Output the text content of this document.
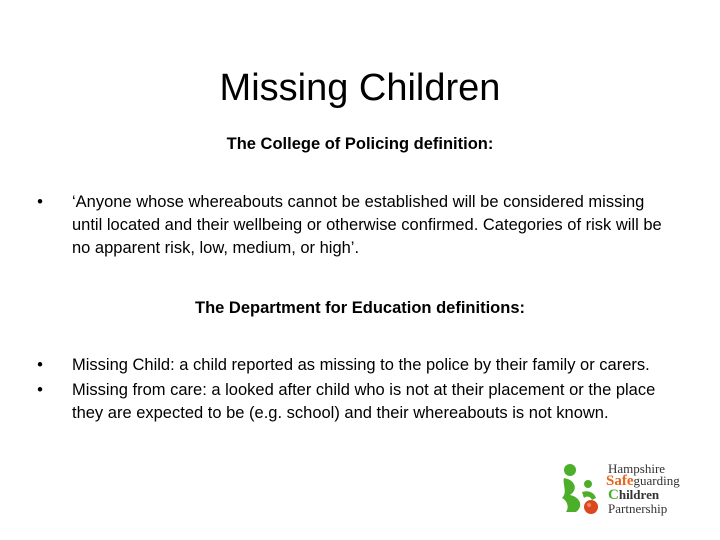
Missing Children
The College of Policing definition:
•	‘Anyone whose whereabouts cannot be established will be considered missing until located and their wellbeing or otherwise confirmed. Categories of risk will be no apparent risk, low, medium, or high’.
The Department for Education definitions:
•	Missing Child: a child reported as missing to the police by their family or carers.
•	Missing from care: a looked after child who is not at their placement or the place they are expected to be (e.g. school) and their whereabouts is not known.
Hampshire
Safeguarding
Children
Partnership
